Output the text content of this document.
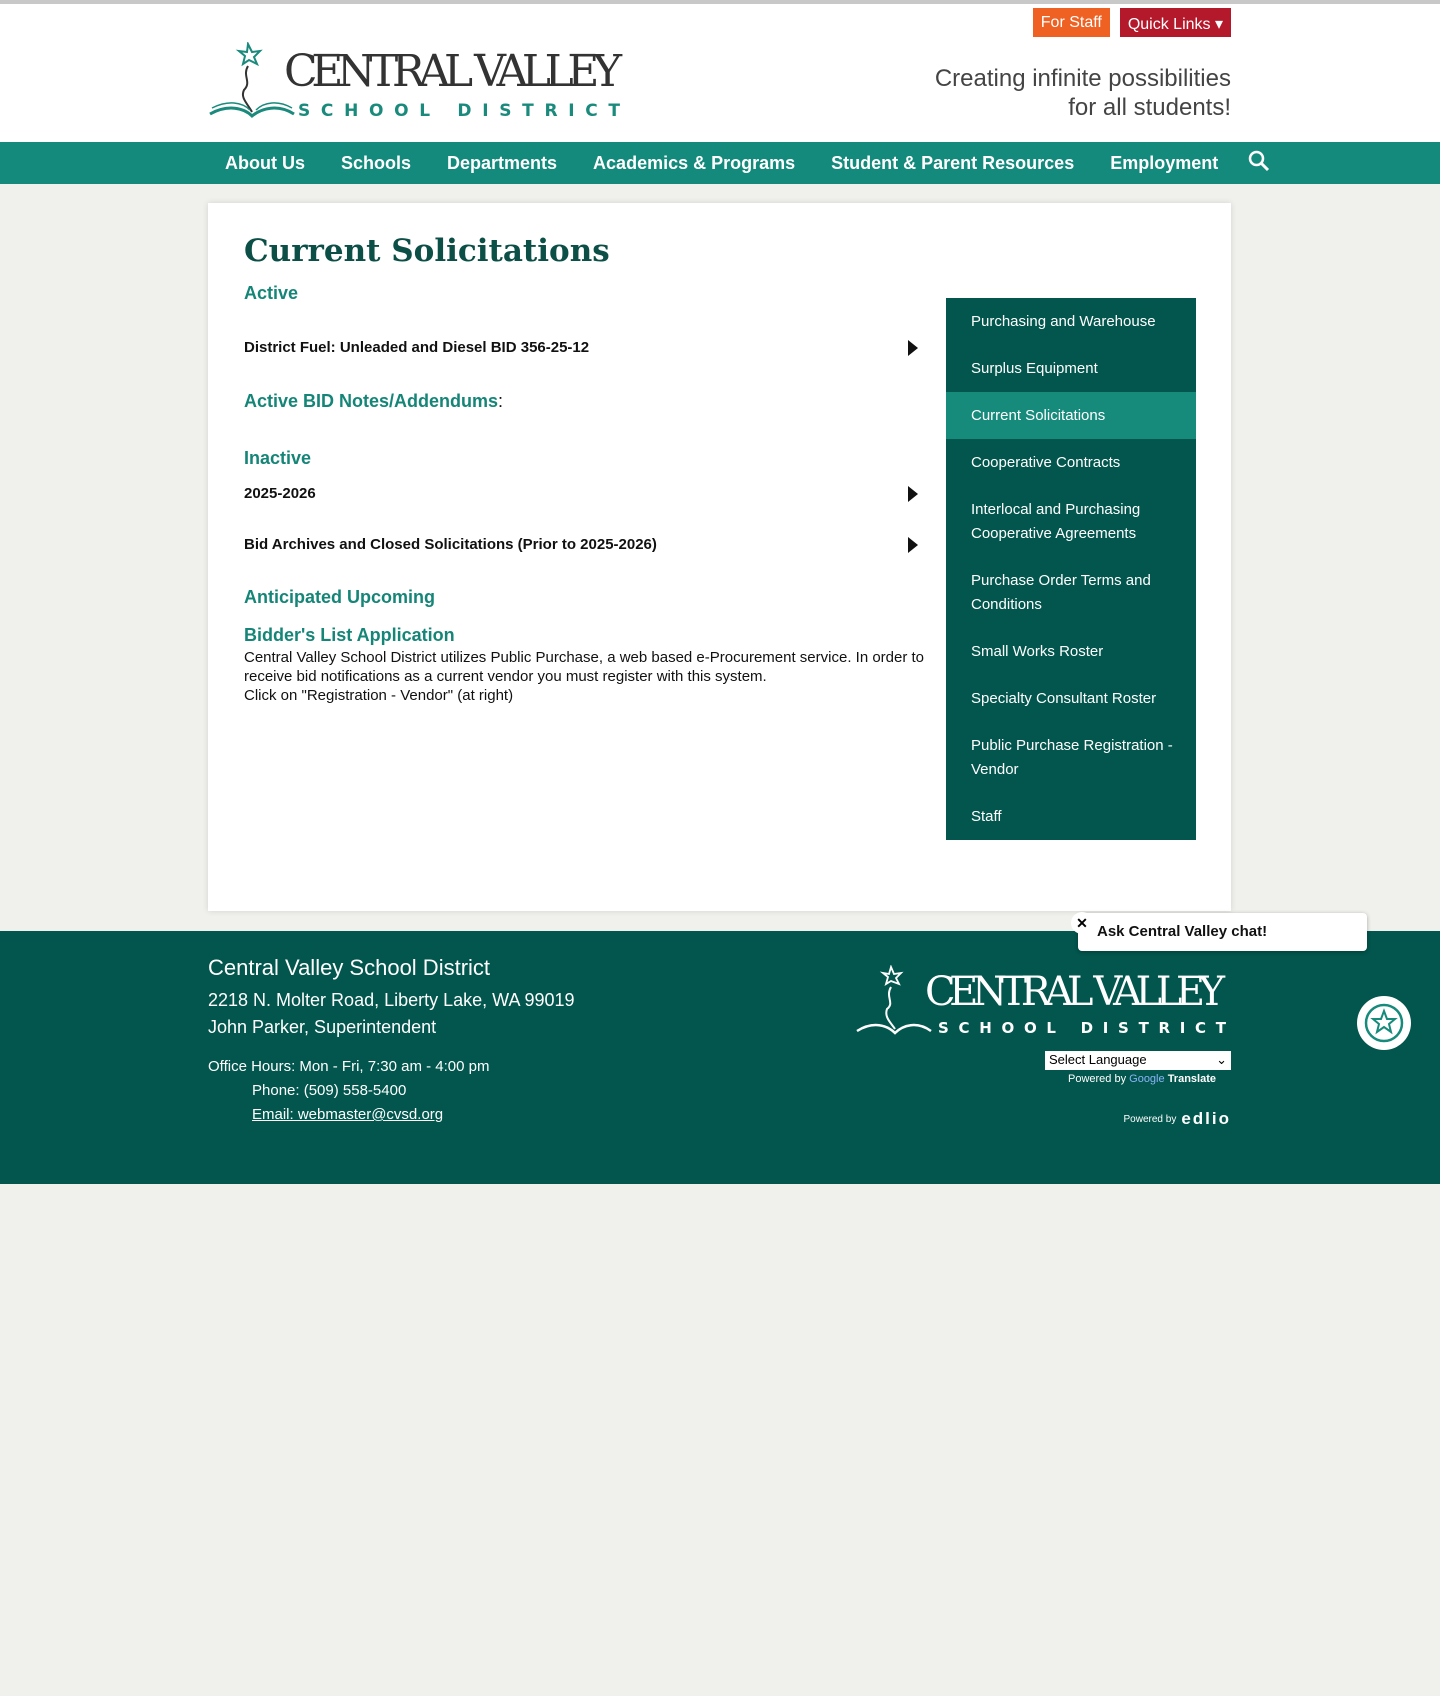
For Staff	Quick Links ▾
CENTRAL VALLEY
SCHOOL DISTRICT
Creating infinite possibilities
for all students!
About Us	Schools	Departments	Academics & Programs	Student & Parent Resources	Employment
Current Solicitations
Active
District Fuel: Unleaded and Diesel BID 356-25-12
Active BID Notes/Addendums:
Inactive
2025-2026
Bid Archives and Closed Solicitations (Prior to 2025-2026)
Anticipated Upcoming
Bidder's List Application
Central Valley School District utilizes Public Purchase, a web based e-Procurement service. In order to receive bid notifications as a current vendor you must register with this system.
Click on "Registration - Vendor" (at right)
Purchasing and Warehouse
Surplus Equipment
Current Solicitations
Cooperative Contracts
Interlocal and Purchasing Cooperative Agreements
Purchase Order Terms and Conditions
Small Works Roster
Specialty Consultant Roster
Public Purchase Registration - Vendor
Staff
Central Valley School District
2218 N. Molter Road, Liberty Lake, WA 99019
John Parker, Superintendent
Office Hours: Mon - Fri, 7:30 am - 4:00 pm
Phone: (509) 558-5400
Email: webmaster@cvsd.org
CENTRAL VALLEY
SCHOOL DISTRICT
Select Language	⌄
Powered by Google Translate
Powered by edlio
Ask Central Valley chat!
✕
